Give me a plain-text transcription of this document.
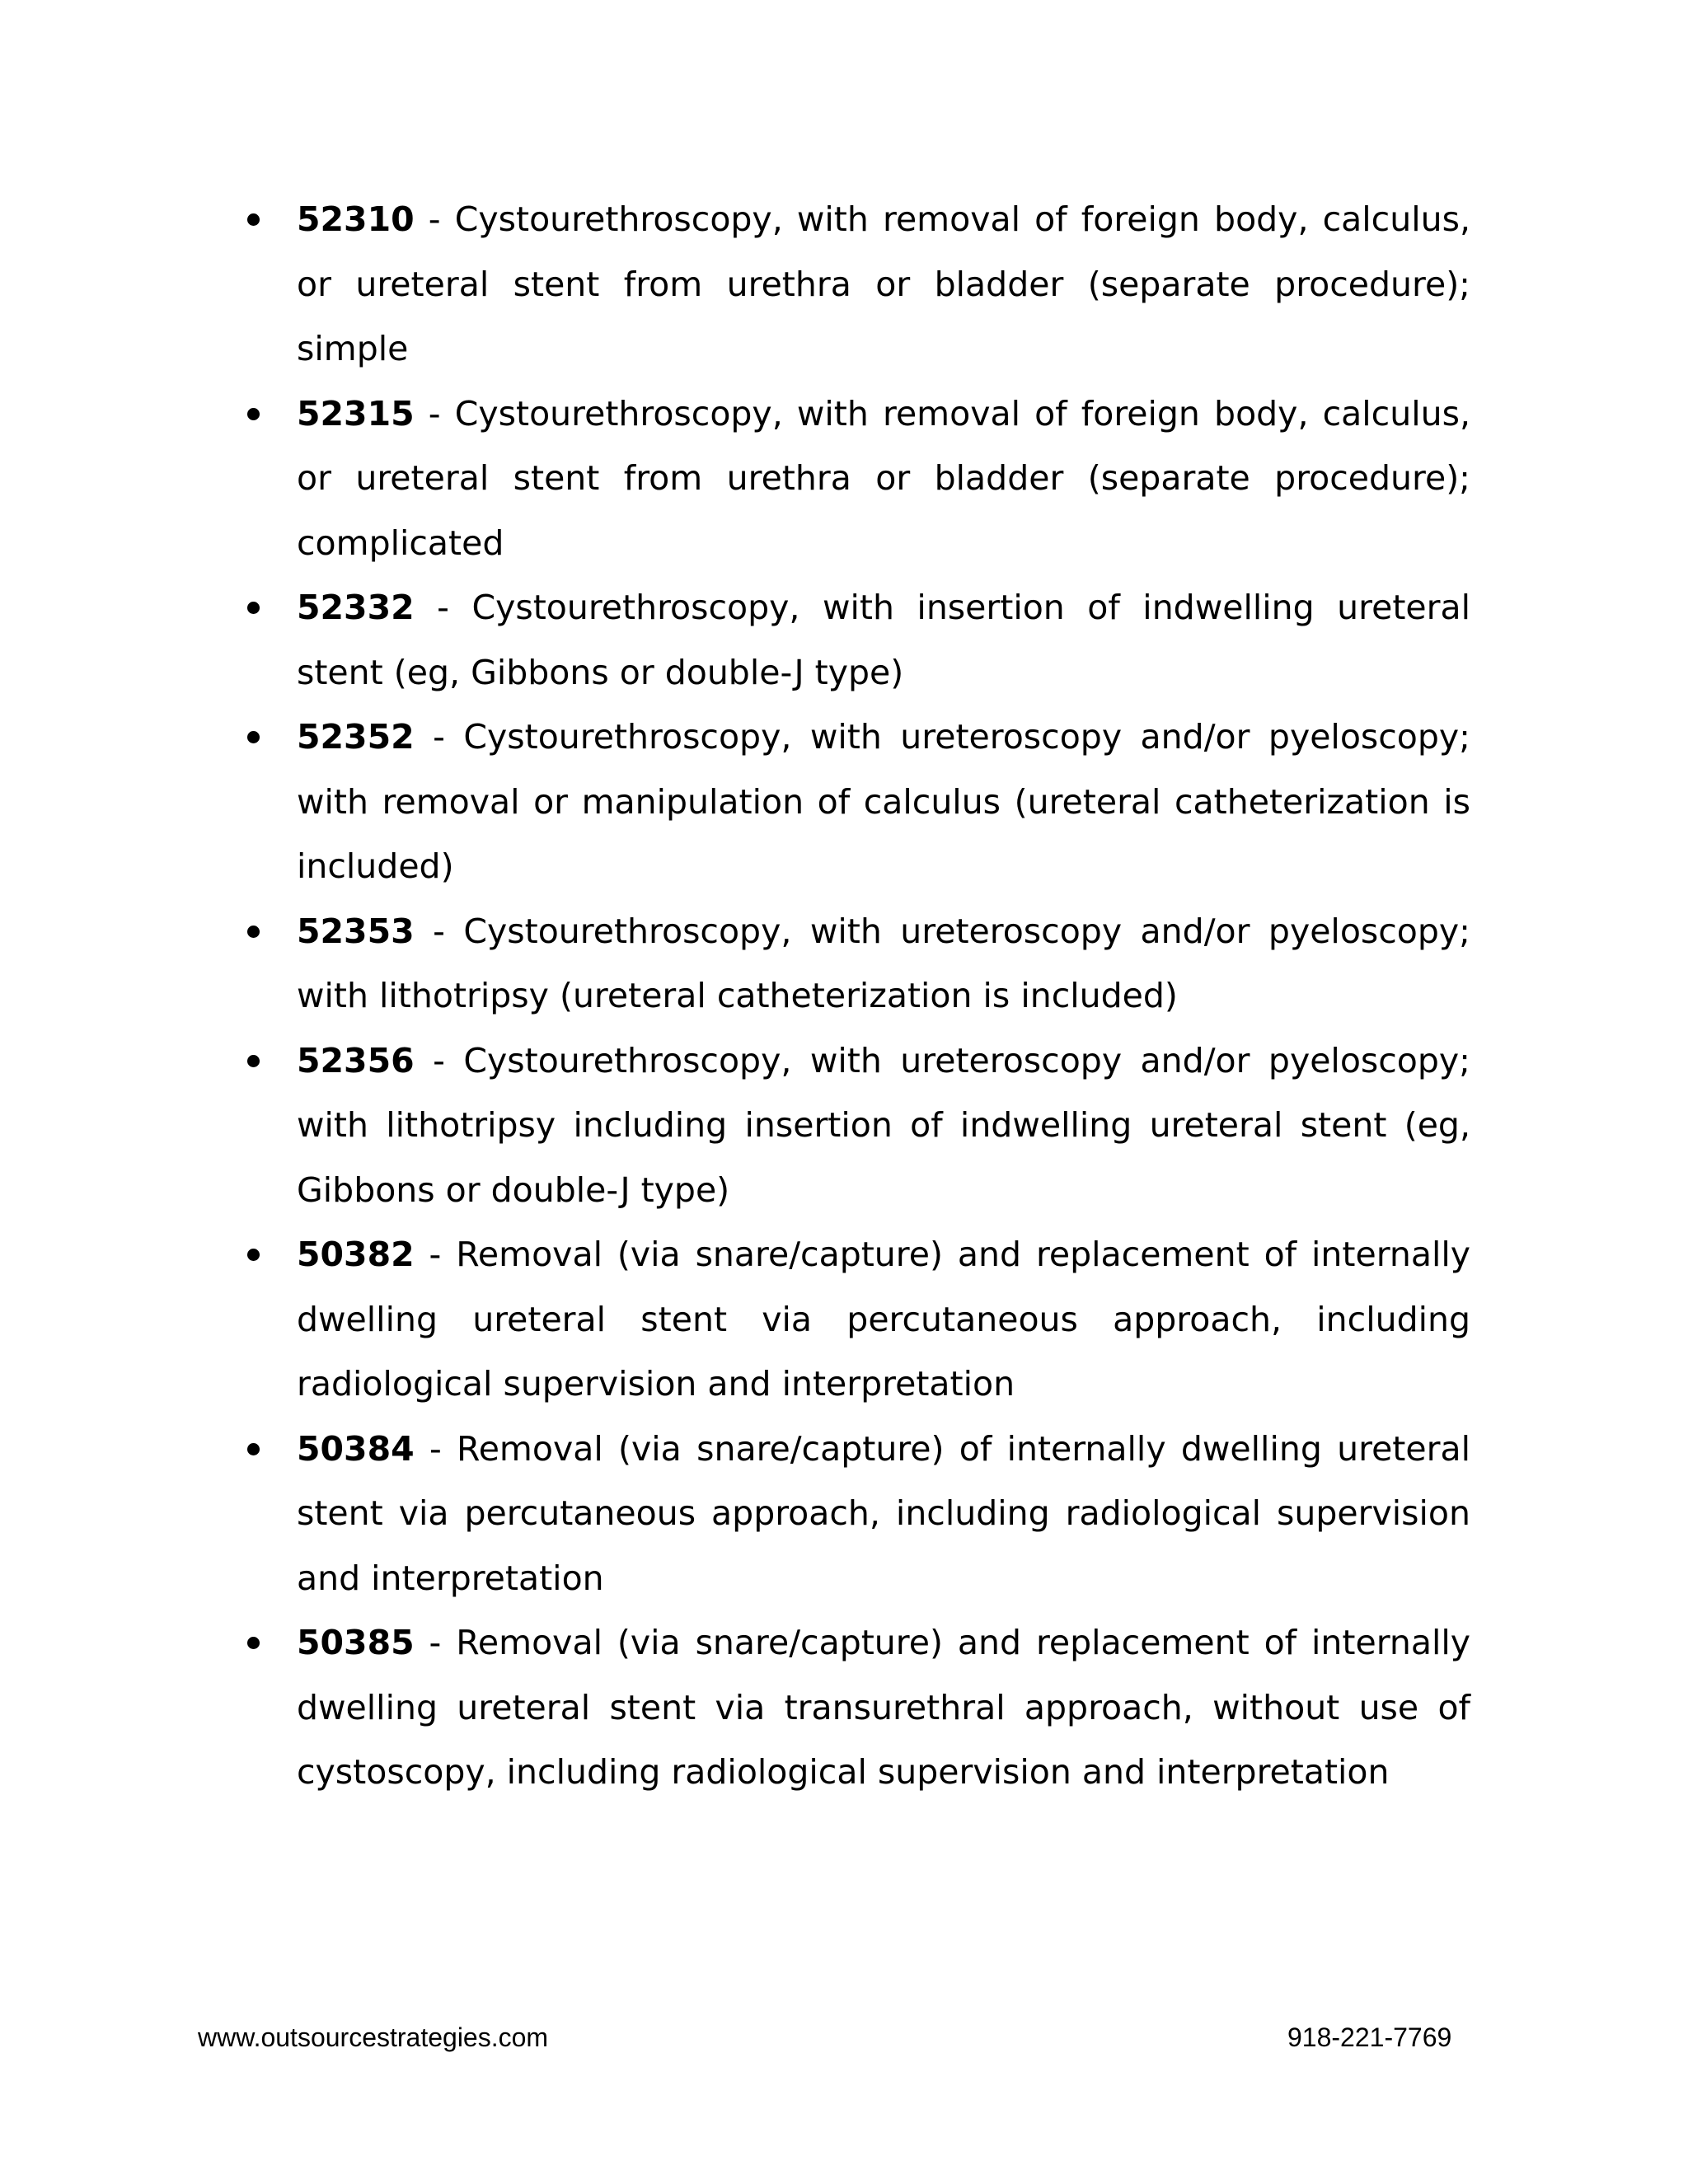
52310 - Cystourethroscopy, with removal of foreign body, calculus, or ureteral stent from urethra or bladder (separate procedure); simple
52315 - Cystourethroscopy, with removal of foreign body, calculus, or ureteral stent from urethra or bladder (separate procedure); complicated
52332 - Cystourethroscopy, with insertion of indwelling ureteral stent (eg, Gibbons or double-J type)
52352 - Cystourethroscopy, with ureteroscopy and/or pyeloscopy; with removal or manipulation of calculus (ureteral catheterization is included)
52353 - Cystourethroscopy, with ureteroscopy and/or pyeloscopy; with lithotripsy (ureteral catheterization is included)
52356 - Cystourethroscopy, with ureteroscopy and/or pyeloscopy; with lithotripsy including insertion of indwelling ureteral stent (eg, Gibbons or double-J type)
50382 - Removal (via snare/capture) and replacement of internally dwelling ureteral stent via percutaneous approach, including radiological supervision and interpretation
50384 - Removal (via snare/capture) of internally dwelling ureteral stent via percutaneous approach, including radiological supervision and interpretation
50385 - Removal (via snare/capture) and replacement of internally dwelling ureteral stent via transurethral approach, without use of cystoscopy, including radiological supervision and interpretation
www.outsourcestrategies.com	918-221-7769
